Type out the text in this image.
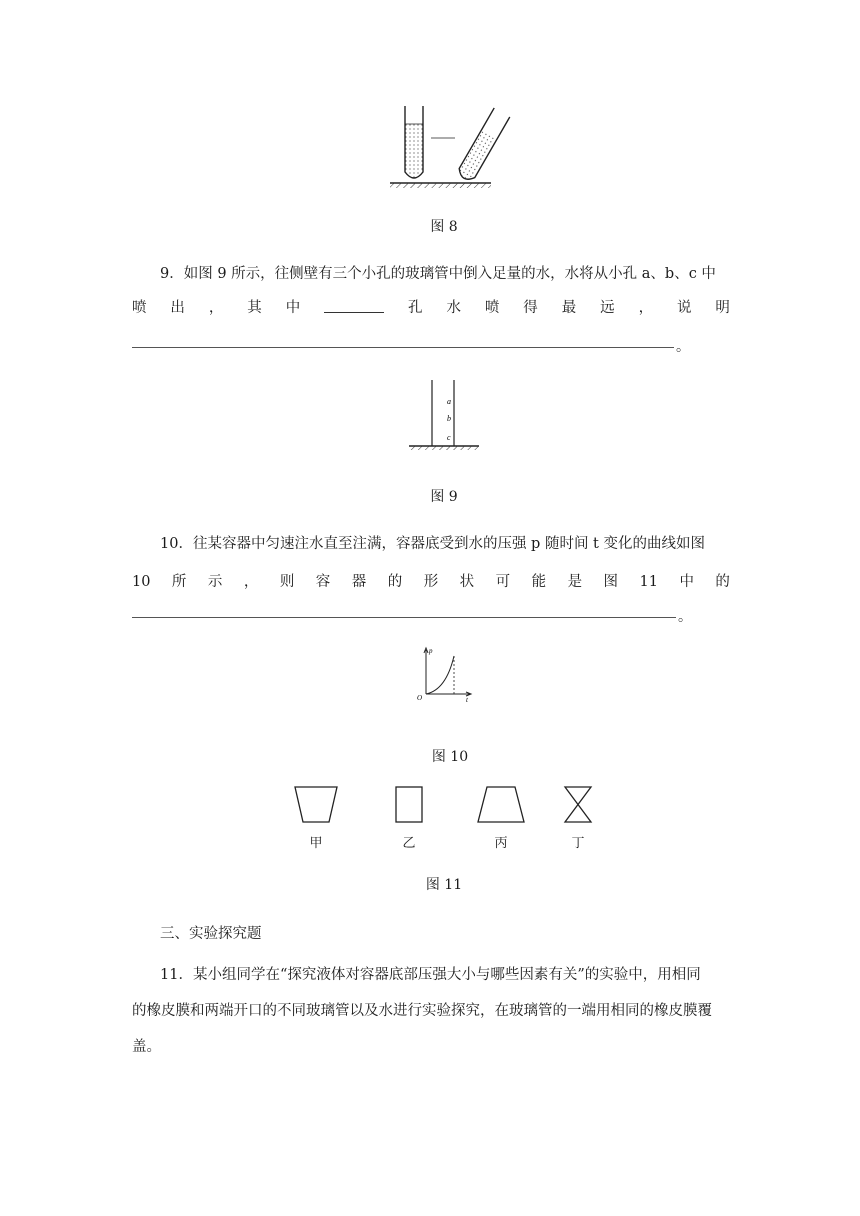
图 8
9．如图 9 所示，往侧壁有三个小孔的玻璃管中倒入足量的水，水将从小孔 a、b、c 中
喷 出 ， 其 中	孔 水 喷 得 最 远 ， 说 明
。
a
b
c
图 9
10．往某容器中匀速注水直至注满，容器底受到水的压强 p 随时间 t 变化的曲线如图
10 所 示 ， 则 容 器 的 形 状 可 能 是 图 11 中 的
。
p
t
O
图 10
甲	乙	丙	丁
图 11
三、实验探究题
11．某小组同学在“探究液体对容器底部压强大小与哪些因素有关”的实验中，用相同
的橡皮膜和两端开口的不同玻璃管以及水进行实验探究，在玻璃管的一端用相同的橡皮膜覆
盖。
